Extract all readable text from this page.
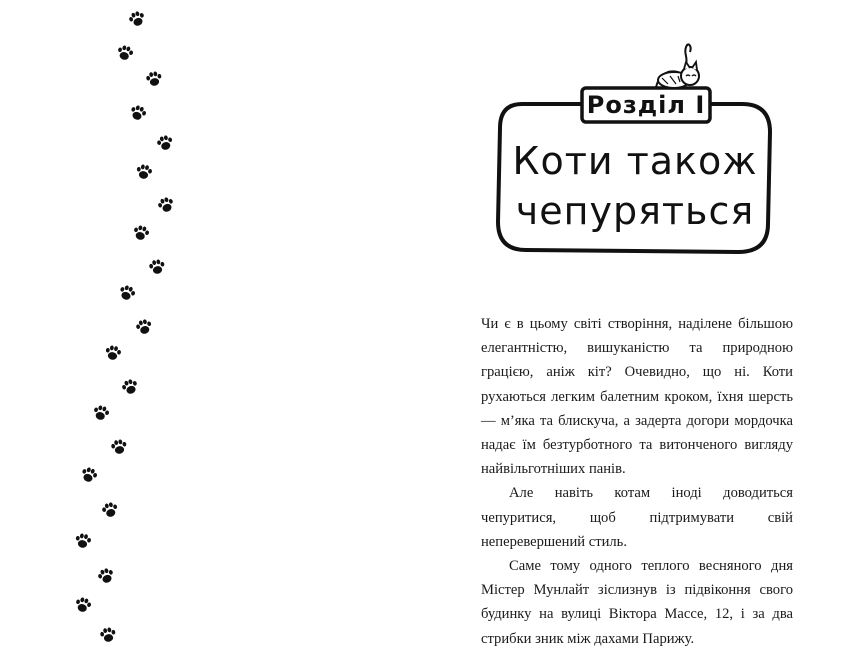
Розділ І
Коти також
чепуряться

Чи є в цьому світі створіння, наділене більшою елегантністю, вишуканістю та природною грацією, аніж кіт? Очевидно, що ні. Коти рухаються легким балетним кроком, їхня шерсть — м’яка та блискуча, а задерта догори мордочка надає їм безтурботного та витонченого вигляду найвільготніших панів.

Але навіть котам іноді доводиться чепуритися, щоб підтримувати свій неперевершений стиль.

Саме тому одного теплого весняного дня Містер Мунлайт зіслизнув із підвіконня свого будинку на вулиці Віктора Массе, 12, і за два стрибки зник між дахами Парижу.
